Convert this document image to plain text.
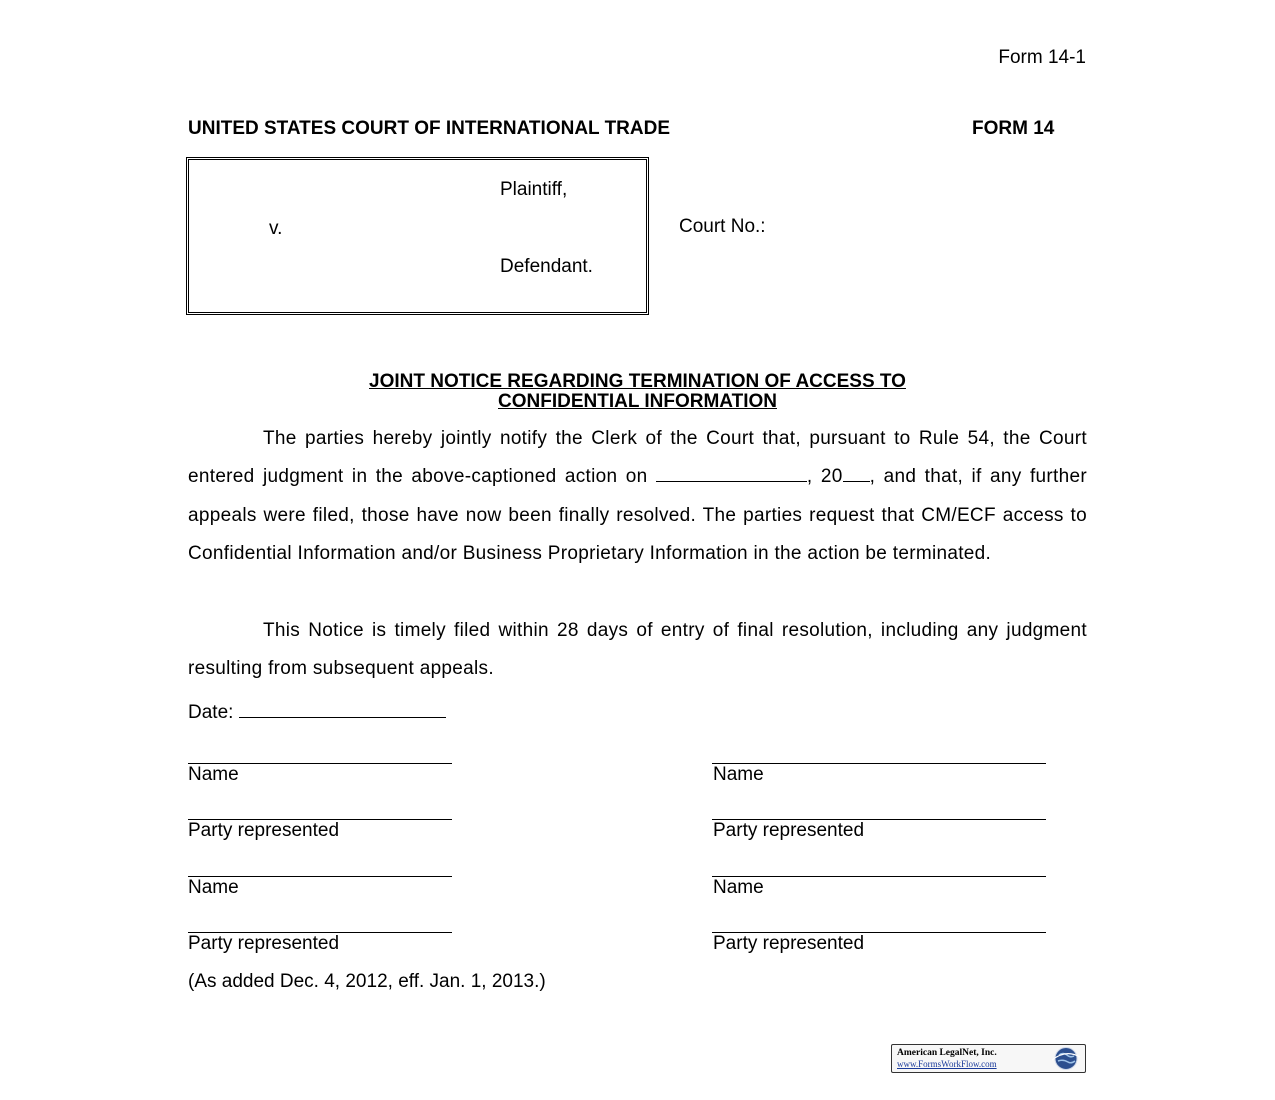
Form 14-1
UNITED STATES COURT OF INTERNATIONAL TRADE	FORM 14
Plaintiff,
v.
Defendant.
Court No.:
JOINT NOTICE REGARDING TERMINATION OF ACCESS TO
CONFIDENTIAL INFORMATION

The parties hereby jointly notify the Clerk of the Court that, pursuant to Rule 54, the Court entered judgment in the above-captioned action on	, 20 , and that, if any further appeals were filed, those have now been finally resolved. The parties request that CM/ECF access to Confidential Information and/or Business Proprietary Information in the action be terminated.

This Notice is timely filed within 28 days of entry of final resolution, including any judgment resulting from subsequent appeals.

Date:
Name
Party represented
Name
Party represented
Name
Party represented
Name
Party represented
(As added Dec. 4, 2012, eff. Jan. 1, 2013.)
American LegalNet, Inc.
www.FormsWorkFlow.com
